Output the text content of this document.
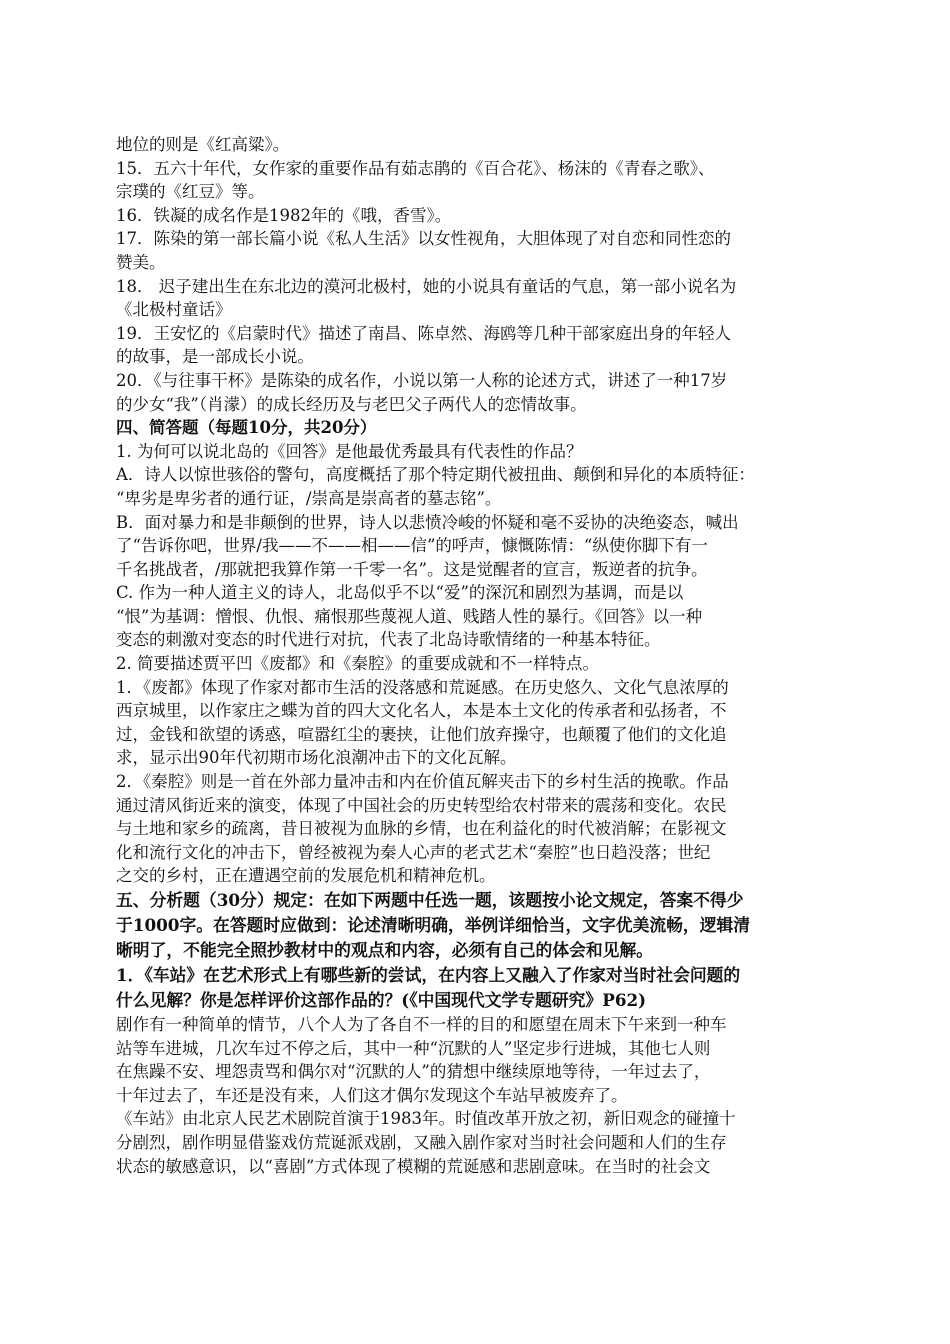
地位的则是《红高粱》。
15．五六十年代，女作家的重要作品有茹志鹃的《百合花》、杨沫的《青春之歌》、
宗璞的《红豆》等。
16．铁凝的成名作是1982年的《哦，香雪》。
17．陈染的第一部长篇小说《私人生活》以女性视角，大胆体现了对自恋和同性恋的
赞美。
18． 迟子建出生在东北边的漠河北极村，她的小说具有童话的气息，第一部小说名为
《北极村童话》
19．王安忆的《启蒙时代》描述了南昌、陈卓然、海鸥等几种干部家庭出身的年轻人
的故事，是一部成长小说。
20．《与往事干杯》是陈染的成名作，小说以第一人称的论述方式，讲述了一种17岁
的少女“我”（肖濛）的成长经历及与老巴父子两代人的恋情故事。
四、简答题（每题10分，共20分）
1. 为何可以说北岛的《回答》是他最优秀最具有代表性的作品？
A．诗人以惊世骇俗的警句，高度概括了那个特定期代被扭曲、颠倒和异化的本质特征：
“卑劣是卑劣者的通行证，/崇高是崇高者的墓志铭”。
B．面对暴力和是非颠倒的世界，诗人以悲愤冷峻的怀疑和毫不妥协的决绝姿态，喊出
了“告诉你吧，世界/我——不——相——信”的呼声，慷慨陈情：“纵使你脚下有一
千名挑战者，/那就把我算作第一千零一名”。这是觉醒者的宣言，叛逆者的抗争。
C. 作为一种人道主义的诗人，北岛似乎不以“爱”的深沉和剧烈为基调，而是以
“恨”为基调：憎恨、仇恨、痛恨那些蔑视人道、贱踏人性的暴行。《回答》以一种
变态的刺激对变态的时代进行对抗，代表了北岛诗歌情绪的一种基本特征。
2. 简要描述贾平凹《废都》和《秦腔》的重要成就和不一样特点。
1．《废都》体现了作家对都市生活的没落感和荒诞感。在历史悠久、文化气息浓厚的
西京城里，以作家庄之蝶为首的四大文化名人，本是本土文化的传承者和弘扬者，不
过，金钱和欲望的诱惑，喧嚣红尘的裹挟，让他们放弃操守，也颠覆了他们的文化追
求，显示出90年代初期市场化浪潮冲击下的文化瓦解。
2．《秦腔》则是一首在外部力量冲击和内在价值瓦解夹击下的乡村生活的挽歌。作品
通过清风街近来的演变，体现了中国社会的历史转型给农村带来的震荡和变化。农民
与土地和家乡的疏离，昔日被视为血脉的乡情，也在利益化的时代被消解；在影视文
化和流行文化的冲击下，曾经被视为秦人心声的老式艺术“秦腔”也日趋没落；世纪
之交的乡村，正在遭遇空前的发展危机和精神危机。
五、分析题（30分）规定：在如下两题中任选一题，该题按小论文规定，答案不得少
于1000字。在答题时应做到：论述清晰明确，举例详细恰当，文字优美流畅，逻辑清
晰明了，不能完全照抄教材中的观点和内容，必须有自己的体会和见解。
1．《车站》在艺术形式上有哪些新的尝试，在内容上又融入了作家对当时社会问题的
什么见解？你是怎样评价这部作品的？(《中国现代文学专题研究》P62)
剧作有一种简单的情节，八个人为了各自不一样的目的和愿望在周末下午来到一种车
站等车进城，几次车过不停之后，其中一种“沉默的人”坚定步行进城，其他七人则
在焦躁不安、埋怨责骂和偶尔对“沉默的人”的猜想中继续原地等待，一年过去了，
十年过去了，车还是没有来，人们这才偶尔发现这个车站早被废弃了。
《车站》由北京人民艺术剧院首演于1983年。时值改革开放之初，新旧观念的碰撞十
分剧烈，剧作明显借鉴戏仿荒诞派戏剧，又融入剧作家对当时社会问题和人们的生存
状态的敏感意识，以“喜剧”方式体现了模糊的荒诞感和悲剧意味。在当时的社会文
